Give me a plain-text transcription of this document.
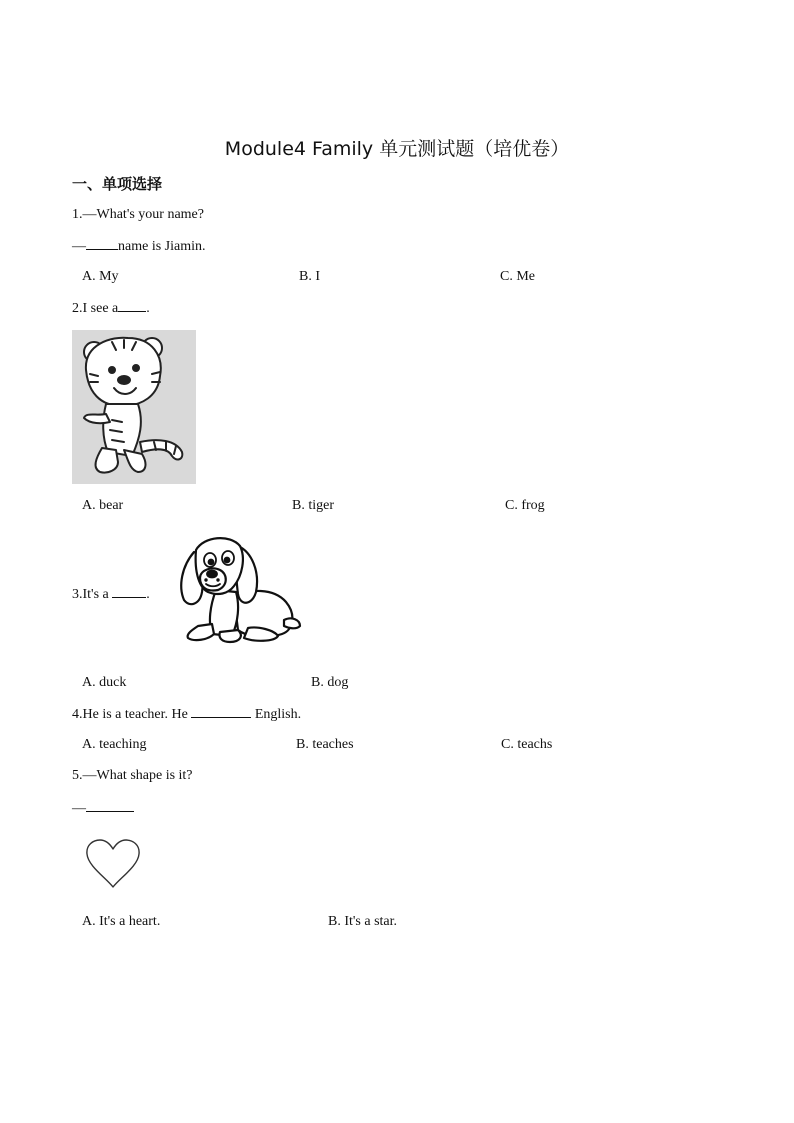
Module4 Family 单元测试题（培优卷）
一、单项选择
1.—What's your name?
— name is Jiamin.
A. My	B. I	C. Me
2.I see a .
A. bear	B. tiger	C. frog
3.It's a .
A. duck	B. dog
4.He is a teacher. He	English.
A. teaching	B. teaches	C. teachs
5.—What shape is it?
—
A. It's a heart.	B. It's a star.
